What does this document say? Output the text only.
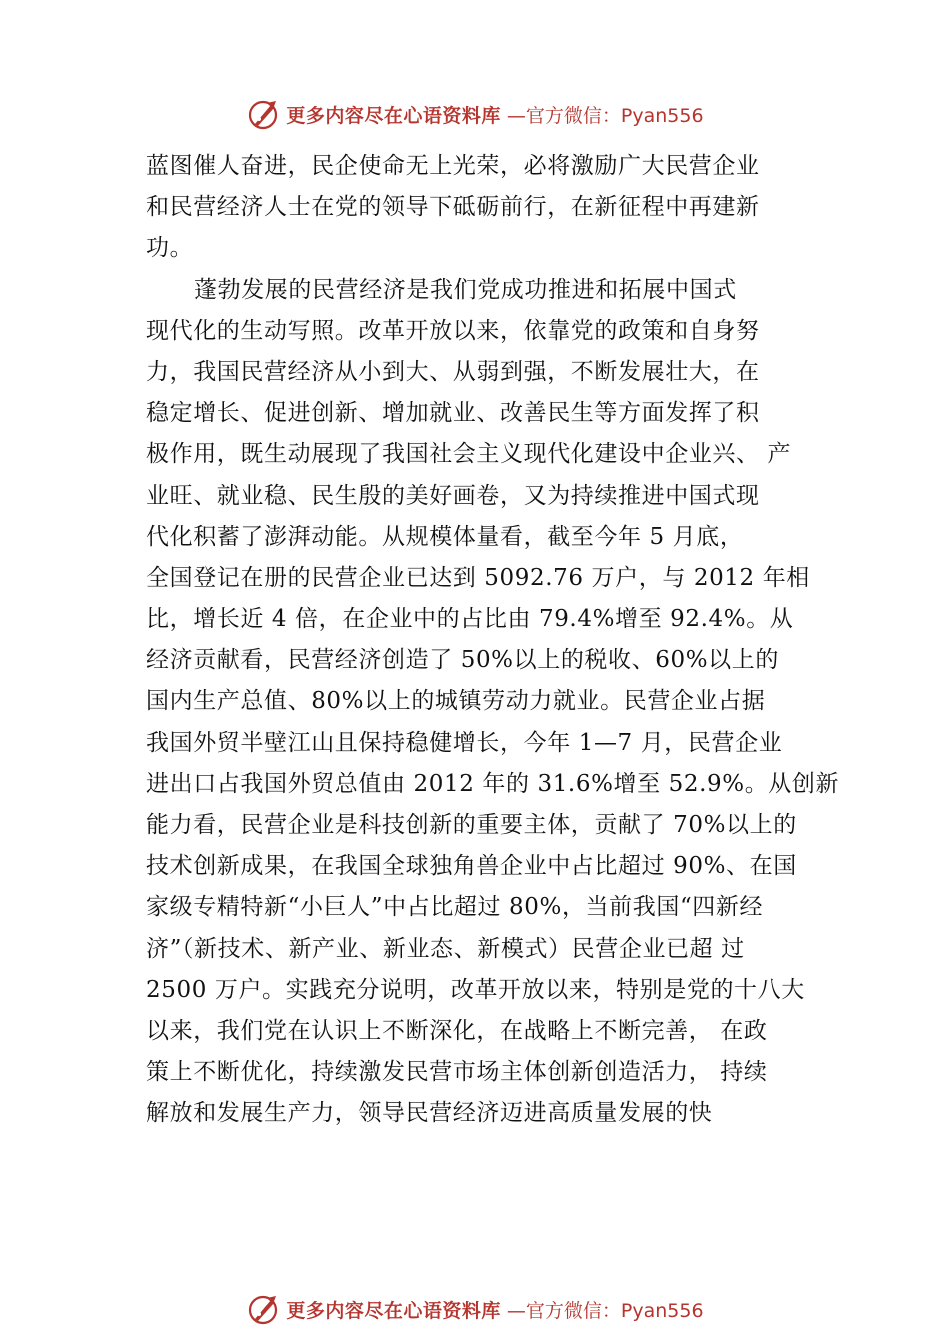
更多内容尽在心语资料库 —官方微信：Pyan556
蓝图催人奋进，民企使命无上光荣，必将激励广大民营企业
和民营经济人士在党的领导下砥砺前行，在新征程中再建新
功。
蓬勃发展的民营经济是我们党成功推进和拓展中国式
现代化的生动写照。改革开放以来，依靠党的政策和自身努
力，我国民营经济从小到大、从弱到强，不断发展壮大，在
稳定增长、促进创新、增加就业、改善民生等方面发挥了积
极作用，既生动展现了我国社会主义现代化建设中企业兴、 产
业旺、就业稳、民生殷的美好画卷，又为持续推进中国式现
代化积蓄了澎湃动能。从规模体量看，截至今年 5 月底，
全国登记在册的民营企业已达到 5092.76 万户，与 2012 年相
比，增长近 4 倍，在企业中的占比由 79.4%增至 92.4%。从
经济贡献看，民营经济创造了 50%以上的税收、60%以上的
国内生产总值、80%以上的城镇劳动力就业。民营企业占据
我国外贸半壁江山且保持稳健增长，今年 1—7 月，民营企业
进出口占我国外贸总值由 2012 年的 31.6%增至 52.9%。从创新
能力看，民营企业是科技创新的重要主体，贡献了 70%以上的
技术创新成果，在我国全球独角兽企业中占比超过 90%、在国
家级专精特新“小巨人”中占比超过 80%，当前我国“四新经
济”（新技术、新产业、新业态、新模式）民营企业已超 过
2500 万户。实践充分说明，改革开放以来，特别是党的十八大
以来，我们党在认识上不断深化，在战略上不断完善， 在政
策上不断优化，持续激发民营市场主体创新创造活力， 持续
解放和发展生产力，领导民营经济迈进高质量发展的快
更多内容尽在心语资料库 —官方微信：Pyan556
